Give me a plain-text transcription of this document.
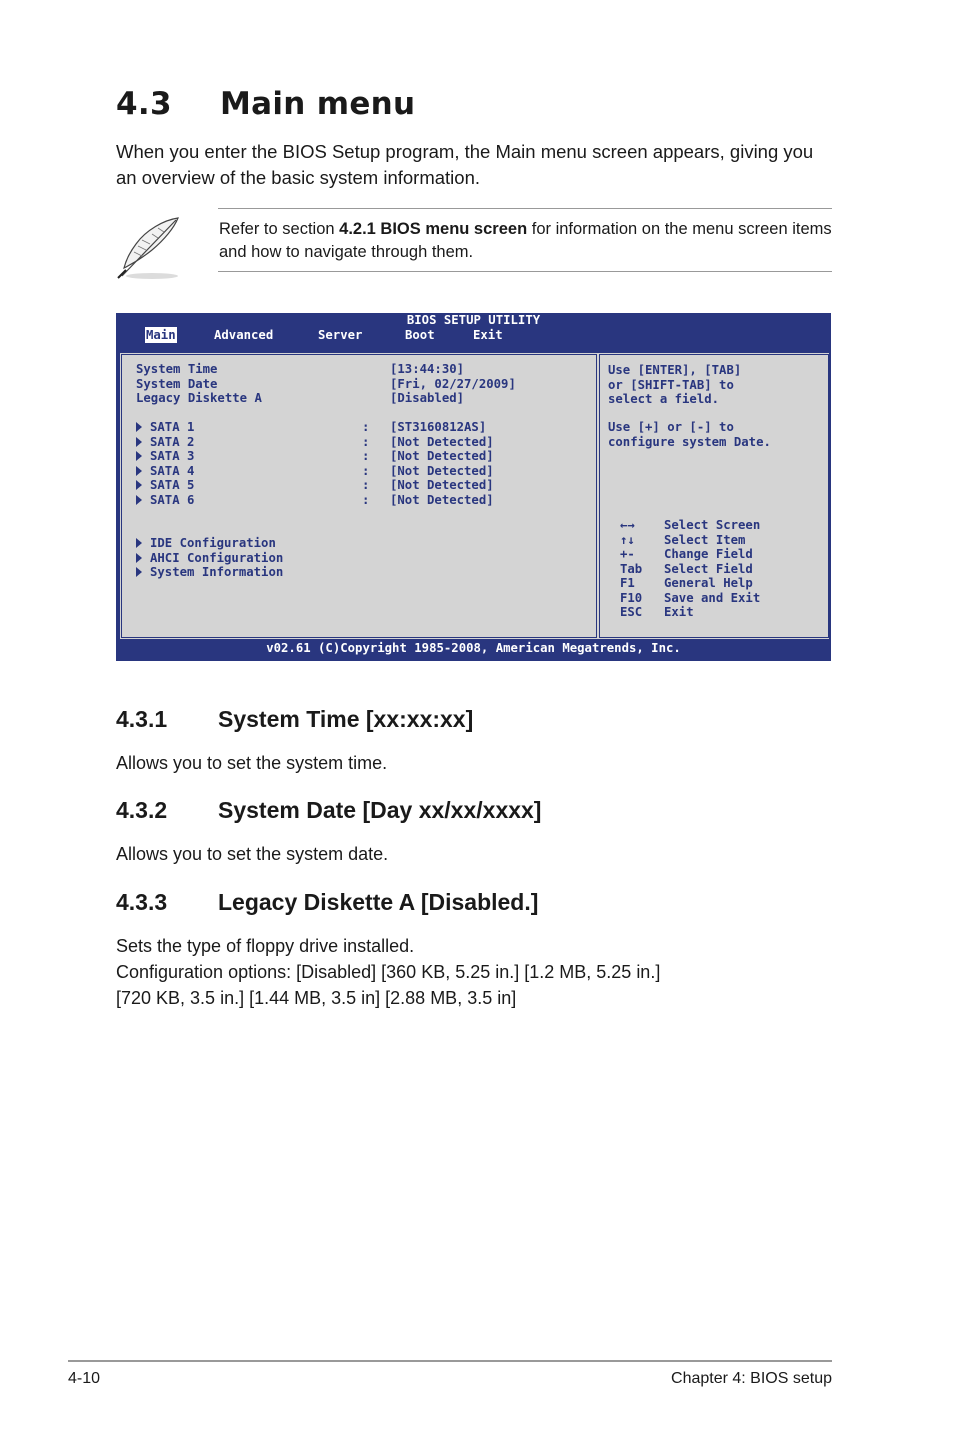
4.3 Main menu

When you enter the BIOS Setup program, the Main menu screen appears, giving you an overview of the basic system information.

Refer to section 4.2.1 BIOS menu screen for information on the menu screen items and how to navigate through them.

BIOS SETUP UTILITY
Main	Advanced	Server	Boot	Exit
System Time	[13:44:30]
System Date	[Fri, 02/27/2009]
Legacy Diskette A	[Disabled]
SATA 1	: [ST3160812AS]
SATA 2	: [Not Detected]
SATA 3	: [Not Detected]
SATA 4	: [Not Detected]
SATA 5	: [Not Detected]
SATA 6	: [Not Detected]
IDE Configuration
AHCI Configuration
System Information
Use [ENTER], [TAB]
or [SHIFT-TAB] to
select a field.
Use [+] or [-] to
configure system Date.
←→ Select Screen
↑↓ Select Item
+- Change Field
Tab Select Field
F1 General Help
F10 Save and Exit
ESC Exit
v02.61 (C)Copyright 1985-2008, American Megatrends, Inc.
4.3.1 System Time [xx:xx:xx]

Allows you to set the system time.

4.3.2 System Date [Day xx/xx/xxxx]

Allows you to set the system date.

4.3.3 Legacy Diskette A [Disabled.]

Sets the type of floppy drive installed.

Configuration options: [Disabled] [360 KB, 5.25 in.] [1.2 MB, 5.25 in.]

[720 KB, 3.5 in.] [1.44 MB, 3.5 in] [2.88 MB, 3.5 in]

4-10	Chapter 4: BIOS setup
